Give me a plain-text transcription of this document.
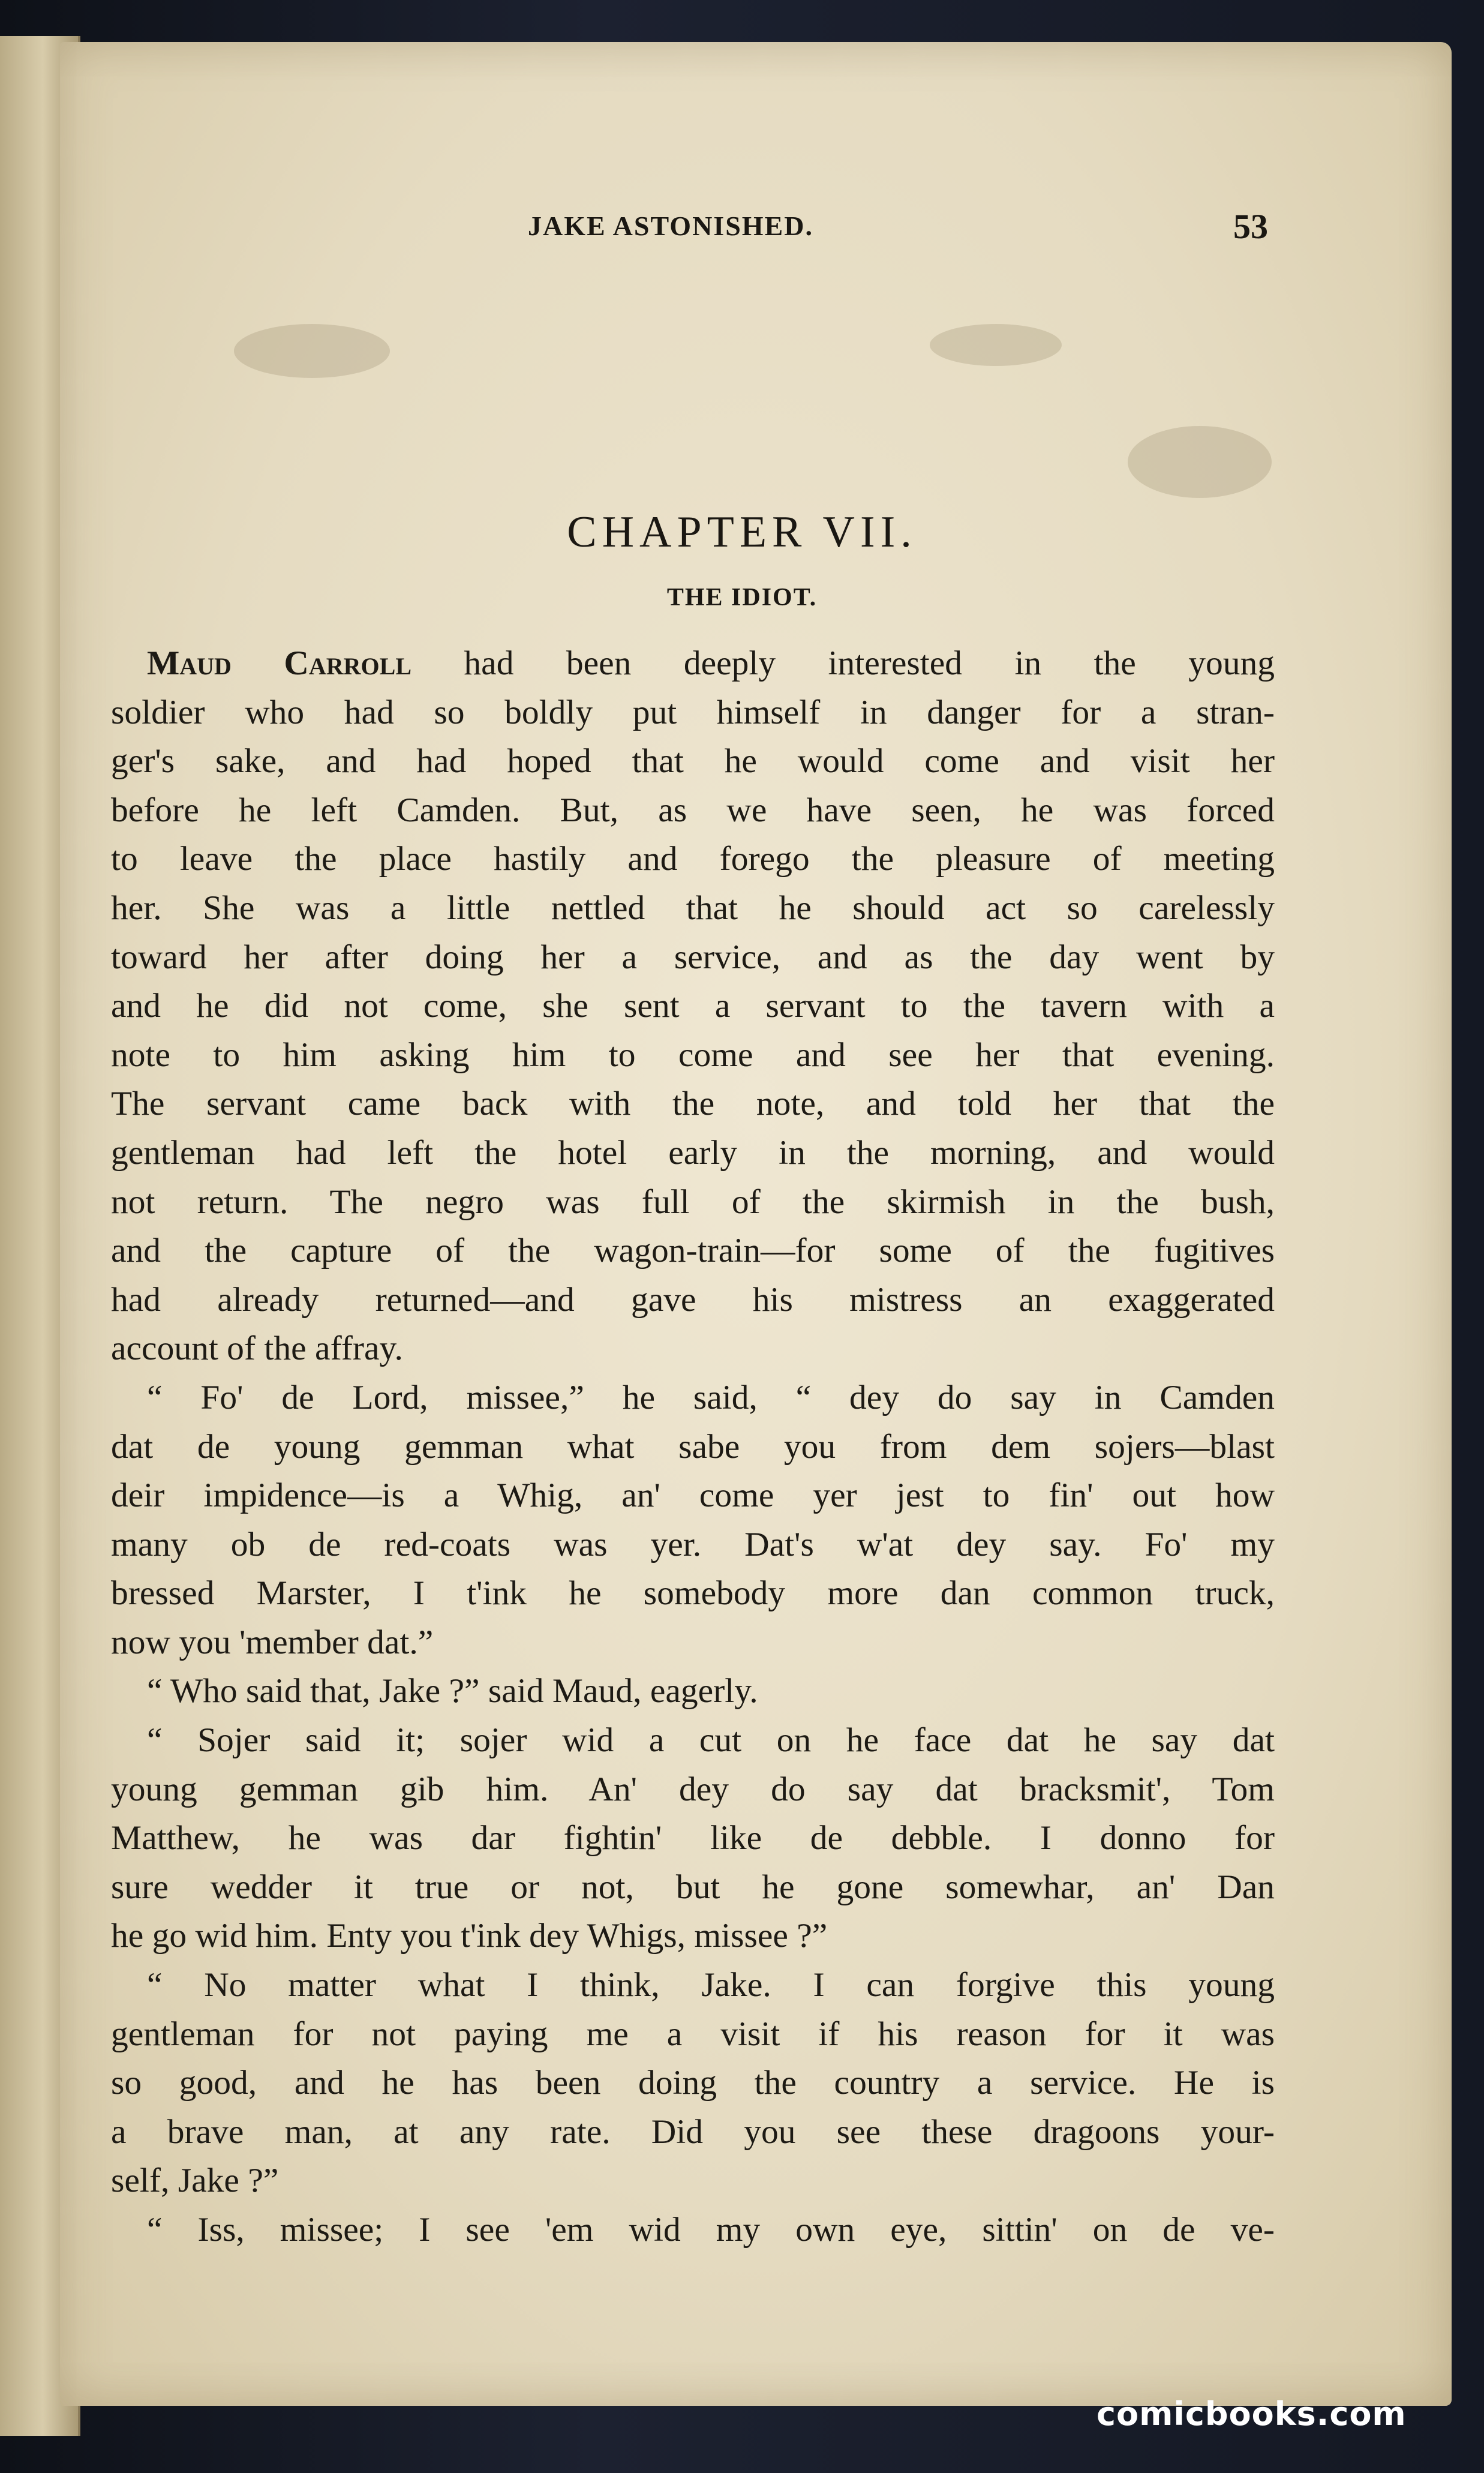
JAKE ASTONISHED.	53
CHAPTER VII.
THE IDIOT.
Maud Carroll had been deeply interested in the young
soldier who had so boldly put himself in danger for a stran-
ger's sake, and had hoped that he would come and visit her
before he left Camden. But, as we have seen, he was forced
to leave the place hastily and forego the pleasure of meeting
her. She was a little nettled that he should act so carelessly
toward her after doing her a service, and as the day went by
and he did not come, she sent a servant to the tavern with a
note to him asking him to come and see her that evening.
The servant came back with the note, and told her that the
gentleman had left the hotel early in the morning, and would
not return. The negro was full of the skirmish in the bush,
and the capture of the wagon-train—for some of the fugitives
had already returned—and gave his mistress an exaggerated
account of the affray.
“ Fo' de Lord, missee,” he said, “ dey do say in Camden
dat de young gemman what sabe you from dem sojers—blast
deir impidence—is a Whig, an' come yer jest to fin' out how
many ob de red-coats was yer. Dat's w'at dey say. Fo' my
bressed Marster, I t'ink he somebody more dan common truck,
now you 'member dat.”
“ Who said that, Jake ?” said Maud, eagerly.
“ Sojer said it; sojer wid a cut on he face dat he say dat
young gemman gib him. An' dey do say dat bracksmit', Tom
Matthew, he was dar fightin' like de debble. I donno for
sure wedder it true or not, but he gone somewhar, an' Dan
he go wid him. Enty you t'ink dey Whigs, missee ?”
“ No matter what I think, Jake. I can forgive this young
gentleman for not paying me a visit if his reason for it was
so good, and he has been doing the country a service. He is
a brave man, at any rate. Did you see these dragoons your-
self, Jake ?”
“ Iss, missee; I see 'em wid my own eye, sittin' on de ve-
comicbooks.com
